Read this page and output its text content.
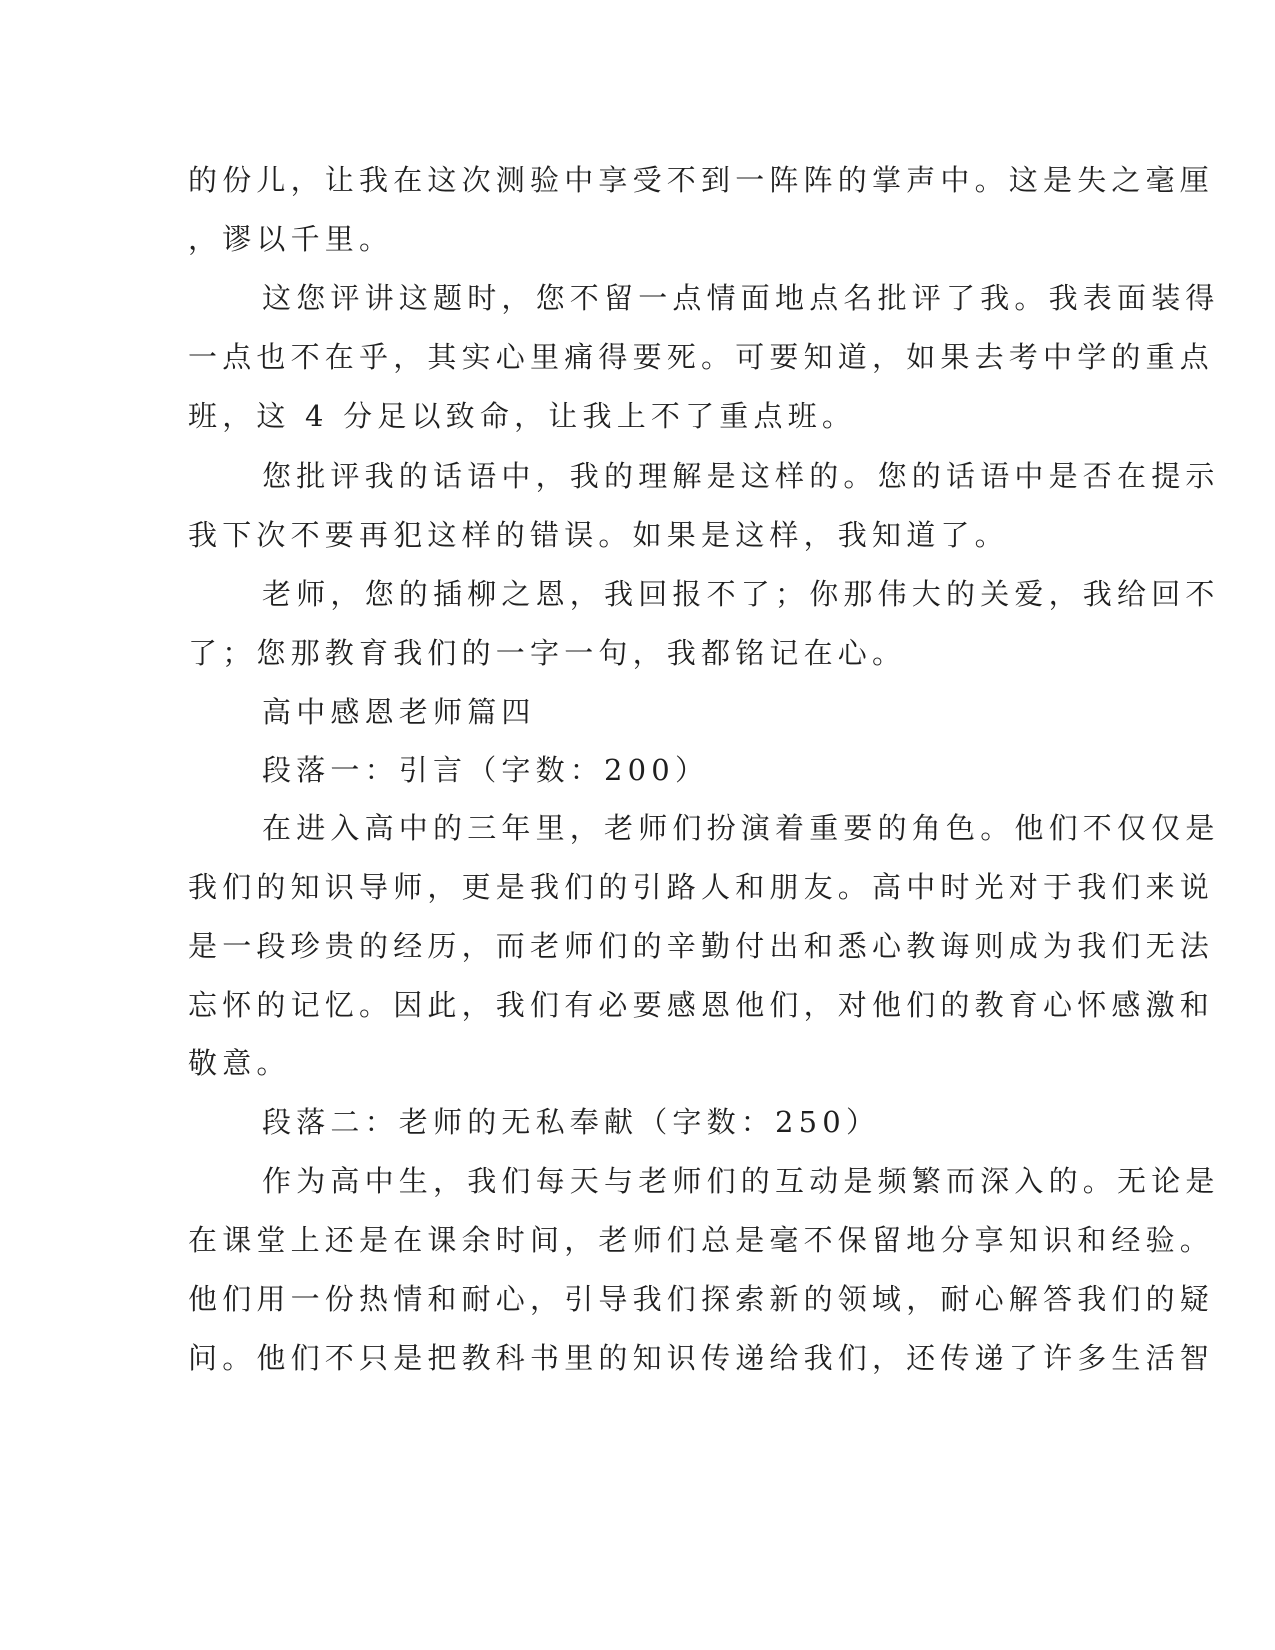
的份儿，让我在这次测验中享受不到一阵阵的掌声中。这是失之毫厘
，谬以千里。
这您评讲这题时，您不留一点情面地点名批评了我。我表面装得
一点也不在乎，其实心里痛得要死。可要知道，如果去考中学的重点
班，这 4 分足以致命，让我上不了重点班。
您批评我的话语中，我的理解是这样的。您的话语中是否在提示
我下次不要再犯这样的错误。如果是这样，我知道了。
老师，您的插柳之恩，我回报不了；你那伟大的关爱，我给回不
了；您那教育我们的一字一句，我都铭记在心。
高中感恩老师篇四
段落一：引言（字数：200）
在进入高中的三年里，老师们扮演着重要的角色。他们不仅仅是
我们的知识导师，更是我们的引路人和朋友。高中时光对于我们来说
是一段珍贵的经历，而老师们的辛勤付出和悉心教诲则成为我们无法
忘怀的记忆。因此，我们有必要感恩他们，对他们的教育心怀感激和
敬意。
段落二：老师的无私奉献（字数：250）
作为高中生，我们每天与老师们的互动是频繁而深入的。无论是
在课堂上还是在课余时间，老师们总是毫不保留地分享知识和经验。
他们用一份热情和耐心，引导我们探索新的领域，耐心解答我们的疑
问。他们不只是把教科书里的知识传递给我们，还传递了许多生活智
